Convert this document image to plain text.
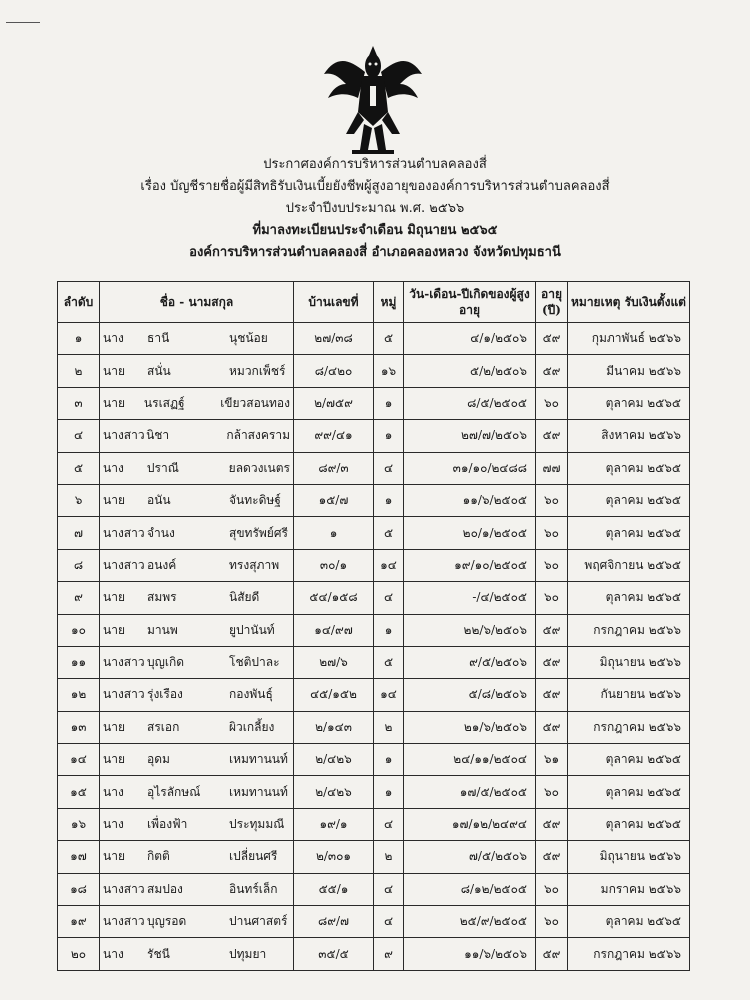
ประกาศองค์การบริหารส่วนตำบลคลองสี่
เรื่อง บัญชีรายชื่อผู้มีสิทธิรับเงินเบี้ยยังชีพผู้สูงอายุขององค์การบริหารส่วนตำบลคลองสี่
ประจำปีงบประมาณ พ.ศ. ๒๕๖๖
ที่มาลงทะเบียนประจำเดือน มิถุนายน ๒๕๖๕
องค์การบริหารส่วนตำบลคลองสี่ อำเภอคลองหลวง จังหวัดปทุมธานี
ลำดับ	ชื่อ - นามสกุล	บ้านเลขที่	หมู่	วัน-เดือน-ปีเกิดของผู้สูงอายุ	อายุ (ปี)	หมายเหตุ รับเงินตั้งแต่
๑	นาง ธานี นุชน้อย	๒๗/๓๘	๕	๔/๑/๒๕๐๖	๕๙	กุมภาพันธ์ ๒๕๖๖
๒	นาย สนั่น หมวกเพ็ชร์	๘/๔๒๐	๑๖	๕/๒/๒๕๐๖	๕๙	มีนาคม ๒๕๖๖
๓	นาย นรเสฏฐ์ เขียวสอนทอง	๒/๗๕๙	๑	๘/๕/๒๕๐๕	๖๐	ตุลาคม ๒๕๖๕
๔	นางสาว นิชา กล้าสงคราม	๙๙/๔๑	๑	๒๗/๗/๒๕๐๖	๕๙	สิงหาคม ๒๕๖๖
๕	นาง ปราณี ยลดวงเนตร	๘๙/๓	๔	๓๑/๑๐/๒๔๘๘	๗๗	ตุลาคม ๒๕๖๕
๖	นาย อนัน จันทะดิษฐ์	๑๕/๗	๑	๑๑/๖/๒๕๐๕	๖๐	ตุลาคม ๒๕๖๕
๗	นางสาว จำนง สุขทรัพย์ศรี	๑	๕	๒๐/๑/๒๕๐๕	๖๐	ตุลาคม ๒๕๖๕
๘	นางสาว อนงค์ ทรงสุภาพ	๓๐/๑	๑๔	๑๙/๑๐/๒๕๐๕	๖๐	พฤศจิกายน ๒๕๖๕
๙	นาย สมพร นิสัยดี	๕๔/๑๕๘	๔	-/๔/๒๕๐๕	๖๐	ตุลาคม ๒๕๖๕
๑๐	นาย มานพ ยูปานันท์	๑๔/๙๗	๑	๒๒/๖/๒๕๐๖	๕๙	กรกฎาคม ๒๕๖๖
๑๑	นางสาว บุญเกิด โชติปาละ	๒๗/๖	๕	๙/๕/๒๕๐๖	๕๙	มิถุนายน ๒๕๖๖
๑๒	นางสาว รุ่งเรือง กองพันธุ์	๔๕/๑๕๒	๑๔	๕/๘/๒๕๐๖	๕๙	กันยายน ๒๕๖๖
๑๓	นาย สรเอก ผิวเกลี้ยง	๒/๑๔๓	๒	๒๑/๖/๒๕๐๖	๕๙	กรกฎาคม ๒๕๖๖
๑๔	นาย อุดม เหมทานนท์	๒/๔๒๖	๑	๒๔/๑๑/๒๕๐๔	๖๑	ตุลาคม ๒๕๖๕
๑๕	นาง อุไรลักษณ์ เหมทานนท์	๒/๔๒๖	๑	๑๗/๕/๒๕๐๕	๖๐	ตุลาคม ๒๕๖๕
๑๖	นาง เพื่องฟ้า ประทุมมณี	๑๙/๑	๔	๑๗/๑๒/๒๔๙๔	๕๙	ตุลาคม ๒๕๖๕
๑๗	นาย กิตติ เปลี่ยนศรี	๒/๓๐๑	๒	๗/๕/๒๕๐๖	๕๙	มิถุนายน ๒๕๖๖
๑๘	นางสาว สมปอง อินทร์เล็ก	๕๕/๑	๔	๘/๑๒/๒๕๐๕	๖๐	มกราคม ๒๕๖๖
๑๙	นางสาว บุญรอด ปานศาสตร์	๘๙/๗	๔	๒๕/๙/๒๕๐๕	๖๐	ตุลาคม ๒๕๖๕
๒๐	นาง รัชนี ปทุมยา	๓๕/๕	๙	๑๑/๖/๒๕๐๖	๕๙	กรกฎาคม ๒๕๖๖
